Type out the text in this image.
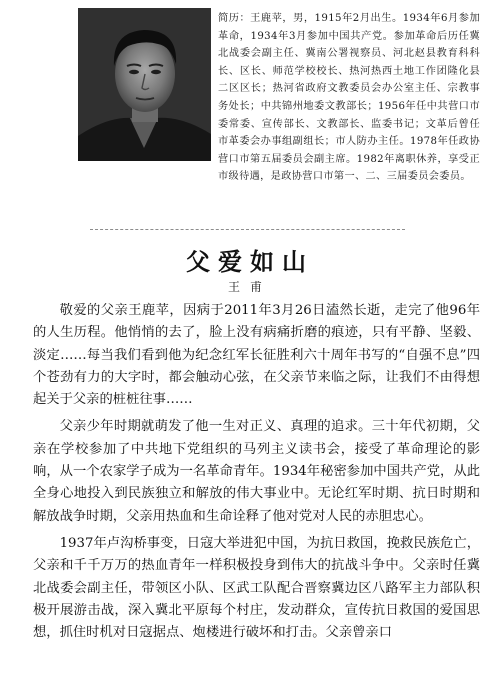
简历：王鹿苹，男，1915年2月出生。1934年6月参加革命，1934年3月参加中国共产党。参加革命后历任冀北战委会副主任、冀南公署视察员、河北赵县教育科科长、区长、师范学校校长、热河热西土地工作团隆化县二区区长；热河省政府文教委员会办公室主任、宗教事务处长；中共锦州地委文教部长；1956年任中共营口市委常委、宣传部长、文教部长、监委书记；文革后曾任市革委会办事组副组长；市人防办主任。1978年任政协营口市第五届委员会副主席。1982年离职休养，享受正市级待遇，是政协营口市第一、二、三届委员会委员。
父爱如山
王甫

敬爱的父亲王鹿苹，因病于2011年3月26日溘然长逝，走完了他96年的人生历程。他悄悄的去了，脸上没有病痛折磨的痕迹，只有平静、坚毅、淡定……每当我们看到他为纪念红军长征胜利六十周年书写的“自强不息”四个苍劲有力的大字时，都会触动心弦，在父亲节来临之际，让我们不由得想起关于父亲的桩桩往事……

父亲少年时期就萌发了他一生对正义、真理的追求。三十年代初期，父亲在学校参加了中共地下党组织的马列主义读书会，接受了革命理论的影响，从一个农家学子成为一名革命青年。1934年秘密参加中国共产党，从此全身心地投入到民族独立和解放的伟大事业中。无论红军时期、抗日时期和解放战争时期，父亲用热血和生命诠释了他对党对人民的赤胆忠心。

1937年卢沟桥事变，日寇大举进犯中国，为抗日救国，挽救民族危亡，父亲和千千万万的热血青年一样积极投身到伟大的抗战斗争中。父亲时任冀北战委会副主任，带领区小队、区武工队配合晋察冀边区八路军主力部队积极开展游击战，深入冀北平原每个村庄，发动群众，宣传抗日救国的爱国思想，抓住时机对日寇据点、炮楼进行破坏和打击。父亲曾亲口
